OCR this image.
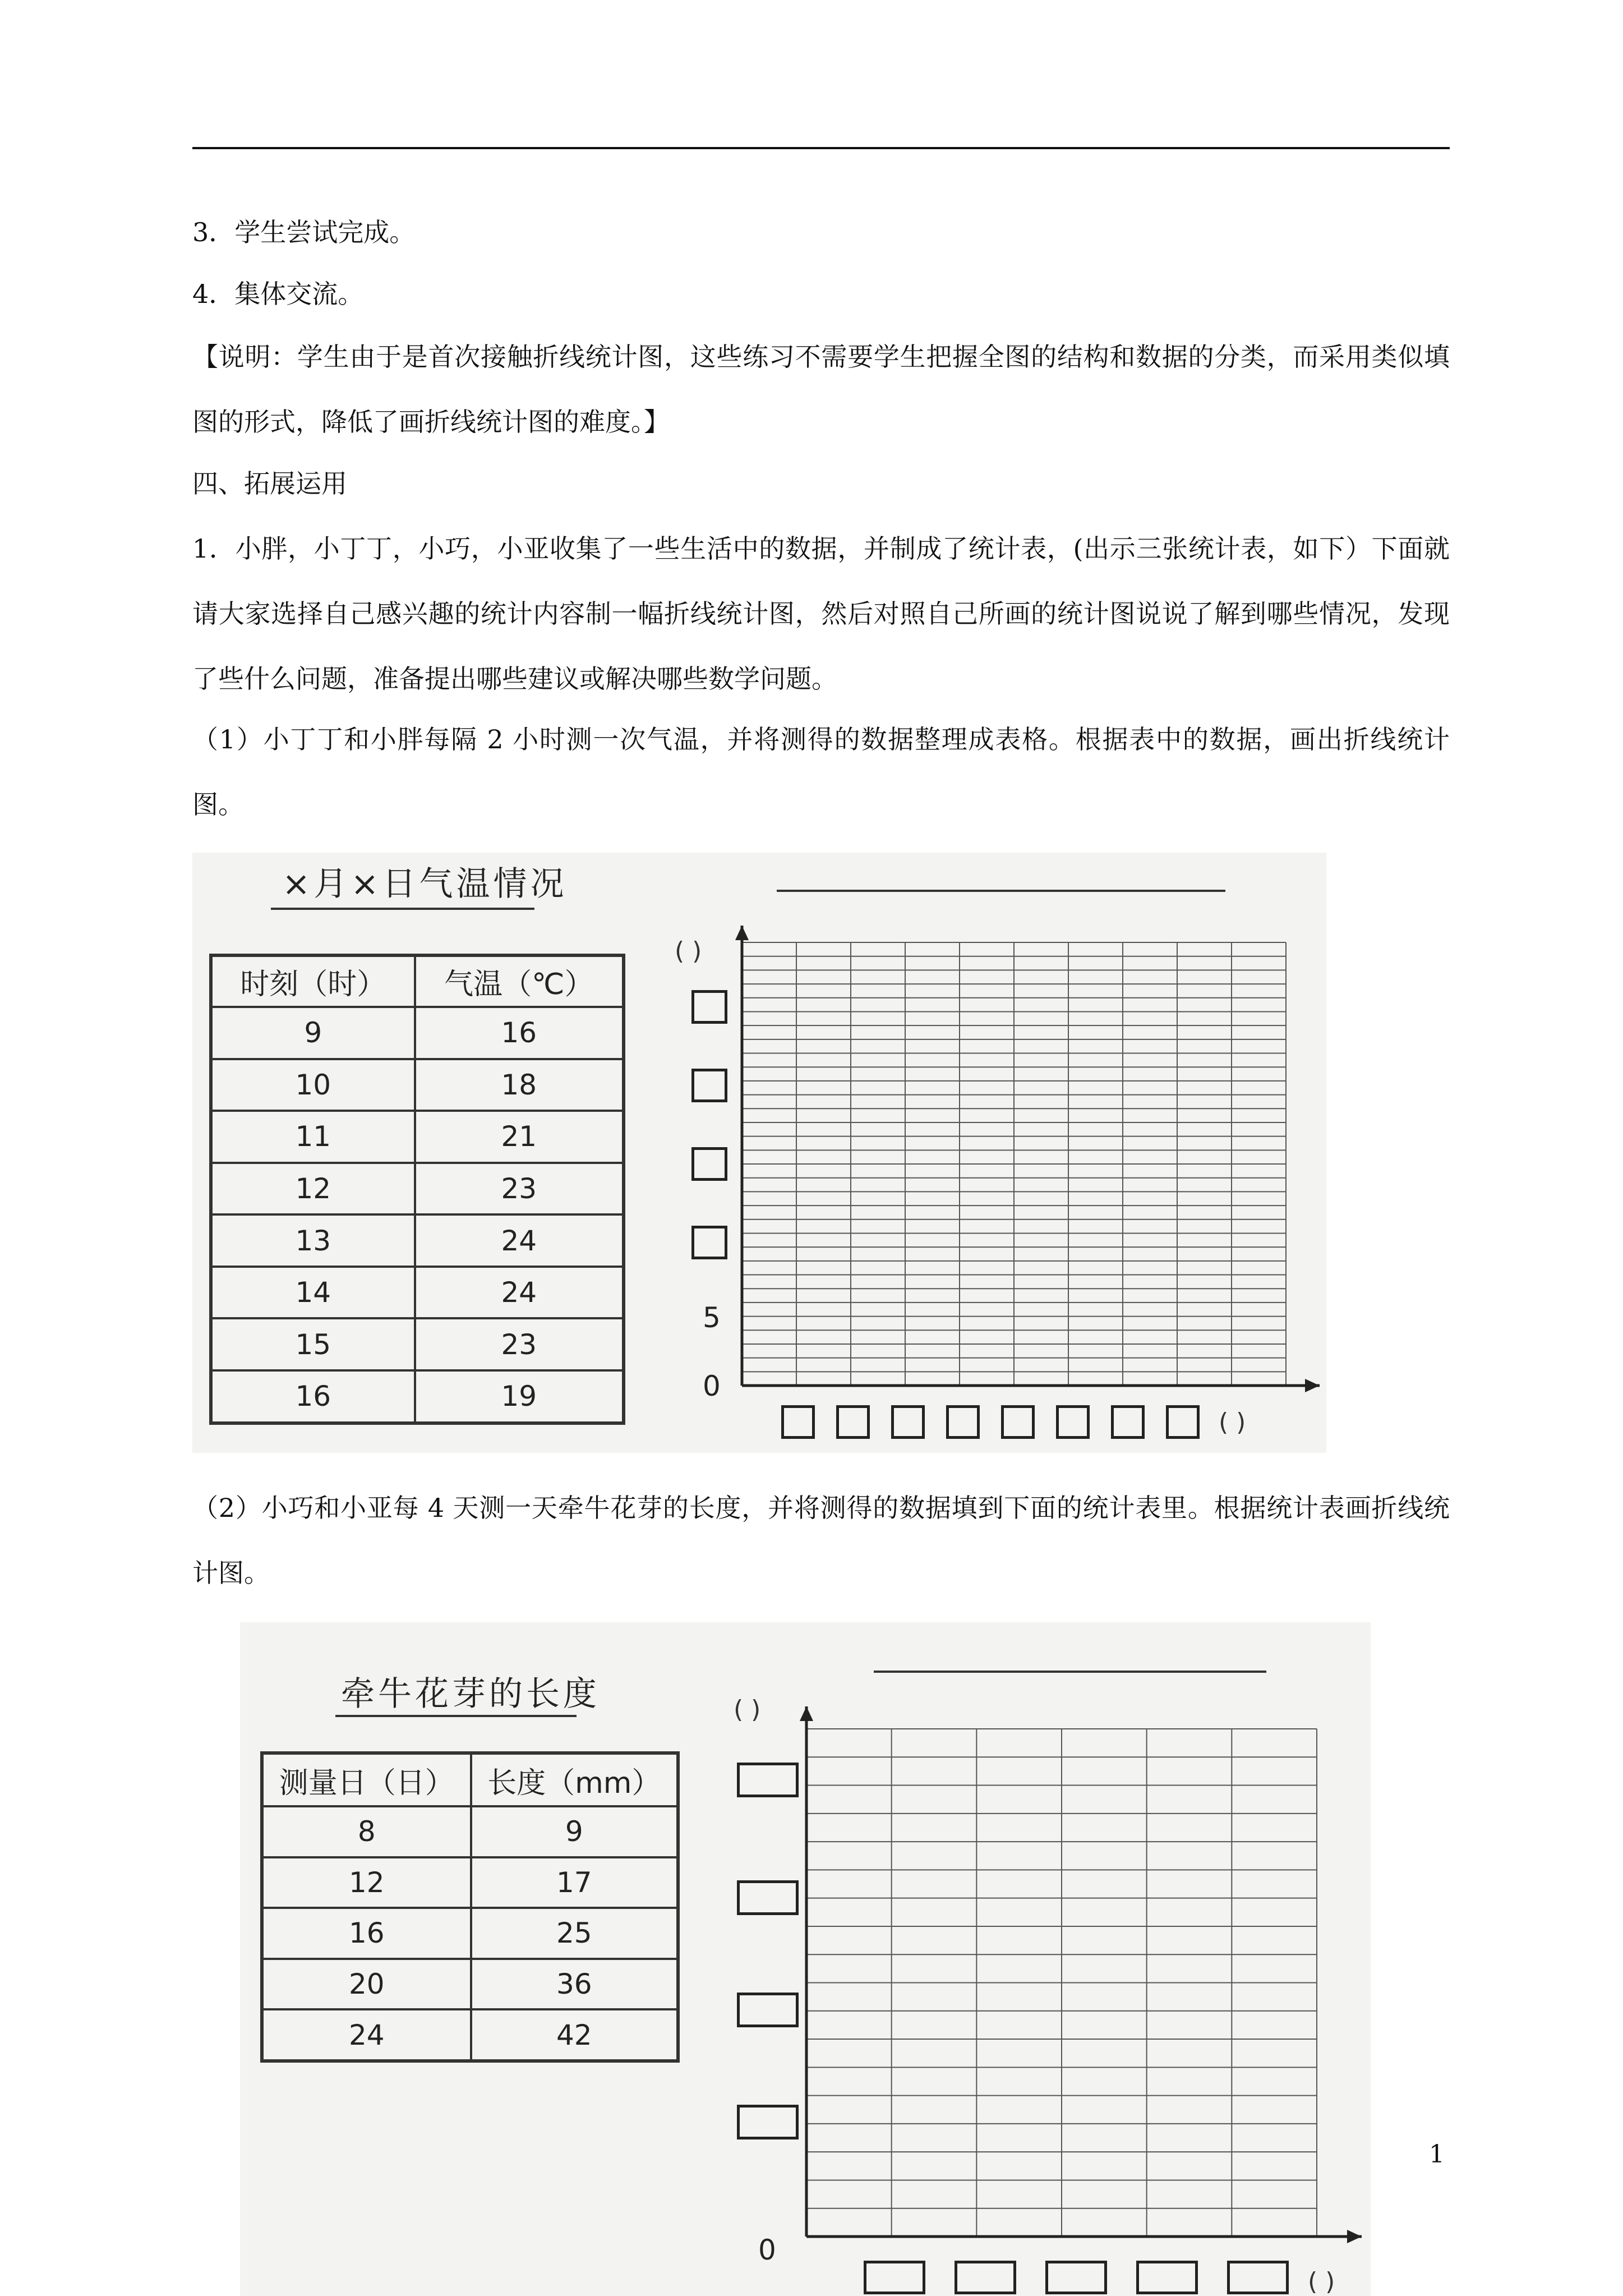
3．学生尝试完成。

4．集体交流。

【说明：学生由于是首次接触折线统计图，这些练习不需要学生把握全图的结构和数据的分类，而采用类似填图的形式，降低了画折线统计图的难度。】

四、拓展运用

1．小胖，小丁丁，小巧，小亚收集了一些生活中的数据，并制成了统计表，(出示三张统计表，如下）下面就请大家选择自己感兴趣的统计内容制一幅折线统计图，然后对照自己所画的统计图说说了解到哪些情况，发现了些什么问题，准备提出哪些建议或解决哪些数学问题。

（1）小丁丁和小胖每隔 2 小时测一次气温，并将测得的数据整理成表格。根据表中的数据，画出折线统计图。

×月×日气温情况
时刻（时）	气温（℃）
9	16
10	18
11	21
12	23
13	24
14	24
15	23
16	19
( )
5
0
( )

（2）小巧和小亚每 4 天测一天牵牛花芽的长度，并将测得的数据填到下面的统计表里。根据统计表画折线统计图。

牵牛花芽的长度
测量日（日）	长度（mm）
8	9
12	17
16	25
20	36
24	42
( )
0
( )
1
